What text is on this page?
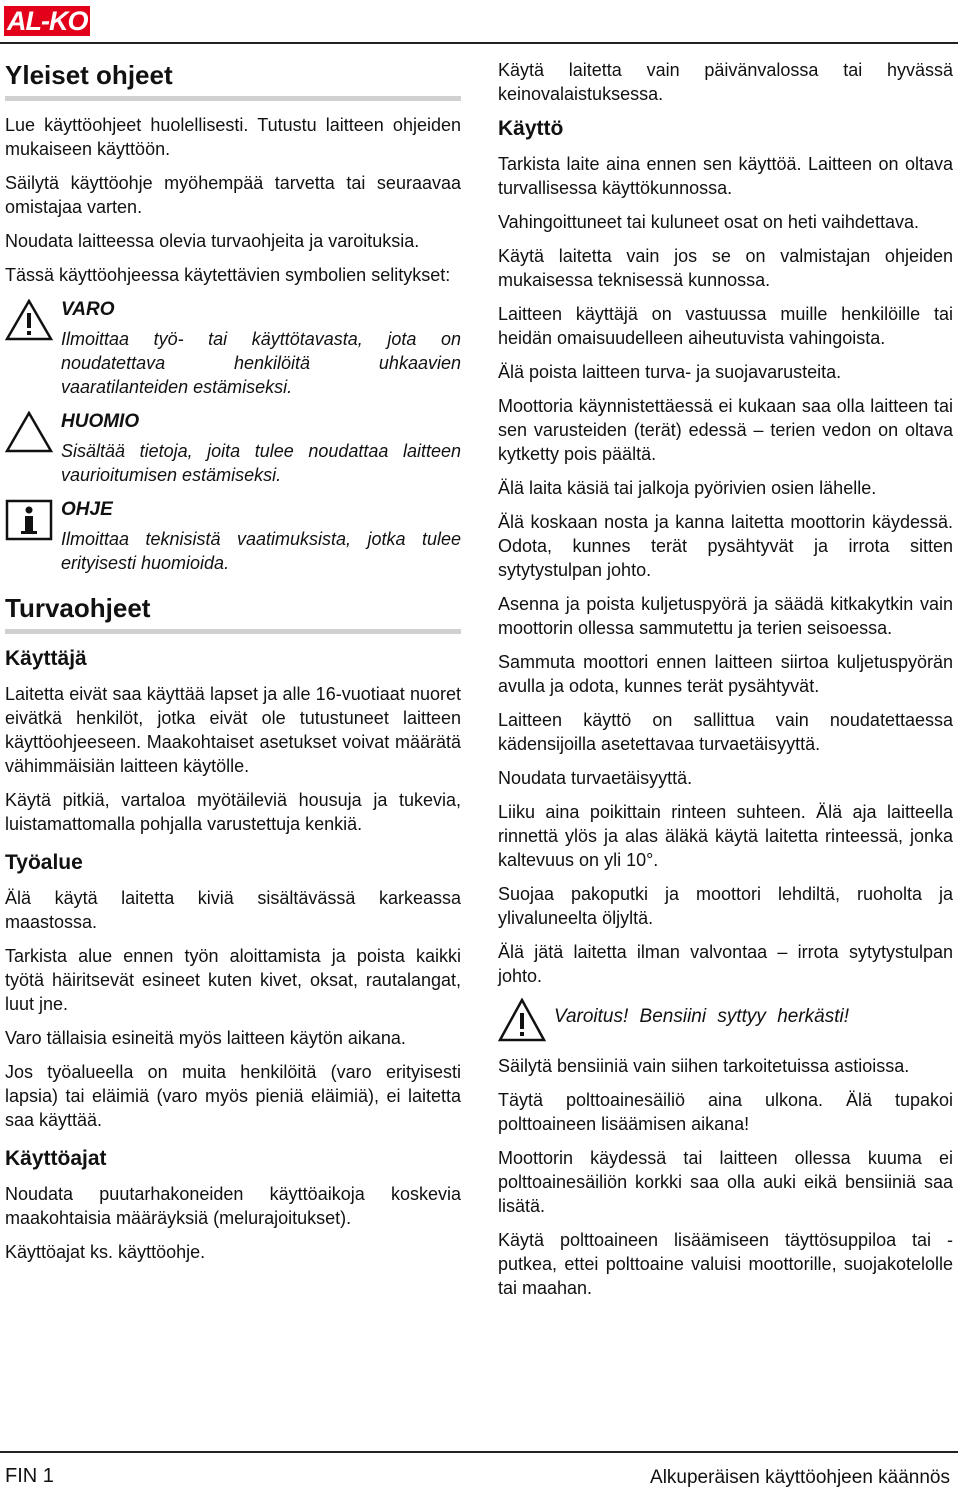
AL-KO
Yleiset ohjeet

Lue käyttöohjeet huolellisesti. Tutustu laitteen ohjeiden mukaiseen käyttöön.

Säilytä käyttöohje myöhempää tarvetta tai seuraavaa omistajaa varten.

Noudata laitteessa olevia turvaohjeita ja varoituksia.

Tässä käyttöohjeessa käytettävien symbolien selitykset:

VARO
Ilmoittaa työ- tai käyttötavasta, jota on noudatettava henkilöitä uhkaavien vaaratilanteiden estämiseksi.
HUOMIO
Sisältää tietoja, joita tulee noudattaa laitteen vaurioitumisen estämiseksi.
OHJE
Ilmoittaa teknisistä vaatimuksista, jotka tulee erityisesti huomioida.
Turvaohjeet
Käyttäjä

Laitetta eivät saa käyttää lapset ja alle 16-vuotiaat nuoret eivätkä henkilöt, jotka eivät ole tutustuneet laitteen käyttöohjeeseen. Maakohtaiset asetukset voivat määrätä vähimmäisiän laitteen käytölle.

Käytä pitkiä, vartaloa myötäileviä housuja ja tukevia, luistamattomalla pohjalla varustettuja kenkiä.

Työalue

Älä käytä laitetta kiviä sisältävässä karkeassa maastossa.

Tarkista alue ennen työn aloittamista ja poista kaikki työtä häiritsevät esineet kuten kivet, oksat, rautalangat, luut jne.

Varo tällaisia esineitä myös laitteen käytön aikana.

Jos työalueella on muita henkilöitä (varo erityisesti lapsia) tai eläimiä (varo myös pieniä eläimiä), ei laitetta saa käyttää.

Käyttöajat

Noudata puutarhakoneiden käyttöaikoja koskevia maakohtaisia määräyksiä (melurajoitukset).

Käyttöajat ks. käyttöohje.

Käytä laitetta vain päivänvalossa tai hyvässä keinovalaistuksessa.

Käyttö

Tarkista laite aina ennen sen käyttöä. Laitteen on oltava turvallisessa käyttökunnossa.

Vahingoittuneet tai kuluneet osat on heti vaihdettava.

Käytä laitetta vain jos se on valmistajan ohjeiden mukaisessa teknisessä kunnossa.

Laitteen käyttäjä on vastuussa muille henkilöille tai heidän omaisuudelleen aiheutuvista vahingoista.

Älä poista laitteen turva- ja suojavarusteita.

Moottoria käynnistettäessä ei kukaan saa olla laitteen tai sen varusteiden (terät) edessä – terien vedon on oltava kytketty pois päältä.

Älä laita käsiä tai jalkoja pyörivien osien lähelle.

Älä koskaan nosta ja kanna laitetta moottorin käydessä. Odota, kunnes terät pysähtyvät ja irrota sitten sytytystulpan johto.

Asenna ja poista kuljetuspyörä ja säädä kitkakytkin vain moottorin ollessa sammutettu ja terien seisoessa.

Sammuta moottori ennen laitteen siirtoa kuljetuspyörän avulla ja odota, kunnes terät pysähtyvät.

Laitteen käyttö on sallittua vain noudatettaessa kädensijoilla asetettavaa turvaetäisyyttä.

Noudata turvaetäisyyttä.

Liiku aina poikittain rinteen suhteen. Älä aja laitteella rinnettä ylös ja alas äläkä käytä laitetta rinteessä, jonka kaltevuus on yli 10°.

Suojaa pakoputki ja moottori lehdiltä, ruoholta ja ylivaluneelta öljyltä.

Älä jätä laitetta ilman valvontaa – irrota sytytystulpan johto.

Varoitus! Bensiini syttyy herkästi!

Säilytä bensiiniä vain siihen tarkoitetuissa astioissa.

Täytä polttoainesäiliö aina ulkona. Älä tupakoi polttoaineen lisäämisen aikana!

Moottorin käydessä tai laitteen ollessa kuuma ei polttoainesäiliön korkki saa olla auki eikä bensiiniä saa lisätä.

Käytä polttoaineen lisäämiseen täyttösuppiloa tai -putkea, ettei polttoaine valuisi moottorille, suojakotelolle tai maahan.

FIN 1	Alkuperäisen käyttöohjeen käännös
